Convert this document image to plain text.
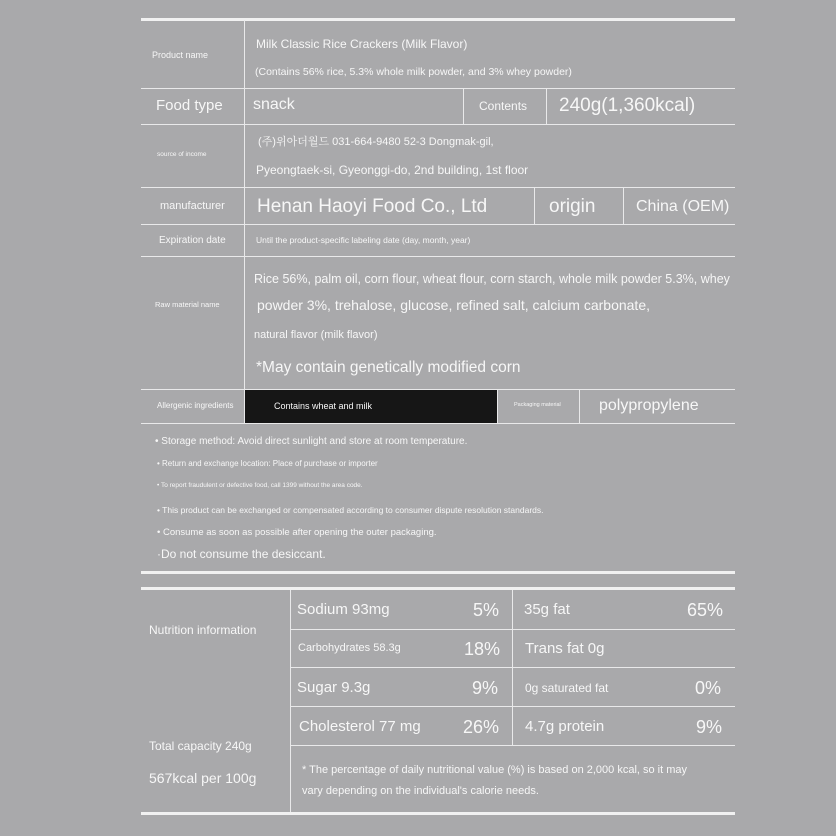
Product name
Milk Classic Rice Crackers (Milk Flavor)
(Contains 56% rice, 5.3% whole milk powder, and 3% whey powder)
Food type snack	Contents 240g(1,360kcal)
source of income
(주)위아더월드 031-664-9480 52-3 Dongmak-gil,
Pyeongtaek-si, Gyeonggi-do, 2nd building, 1st floor
manufacturer Henan Haoyi Food Co., Ltd	origin	China (OEM)
Expiration date	Until the product-specific labeling date (day, month, year)
Raw material name
Rice 56%, palm oil, corn flour, wheat flour, corn starch, whole milk powder 5.3%, whey
powder 3%, trehalose, glucose, refined salt, calcium carbonate,
natural flavor (milk flavor)
*May contain genetically modified corn
Allergenic ingredients	Contains wheat and milk	Packaging material polypropylene
• Storage method: Avoid direct sunlight and store at room temperature.
• Return and exchange location: Place of purchase or importer
• To report fraudulent or defective food, call 1399 without the area code.
• This product can be exchanged or compensated according to consumer dispute resolution standards.
• Consume as soon as possible after opening the outer packaging.
·Do not consume the desiccant.
Nutrition information
Total capacity 240g
567kcal per 100g
Sodium 93mg	5% 35g fat	65%
Carbohydrates 58.3g	18% Trans fat 0g
Sugar 9.3g	9% 0g saturated fat	0%
Cholesterol 77 mg 26% 4.7g protein	9%
* The percentage of daily nutritional value (%) is based on 2,000 kcal, so it may
vary depending on the individual's calorie needs.
